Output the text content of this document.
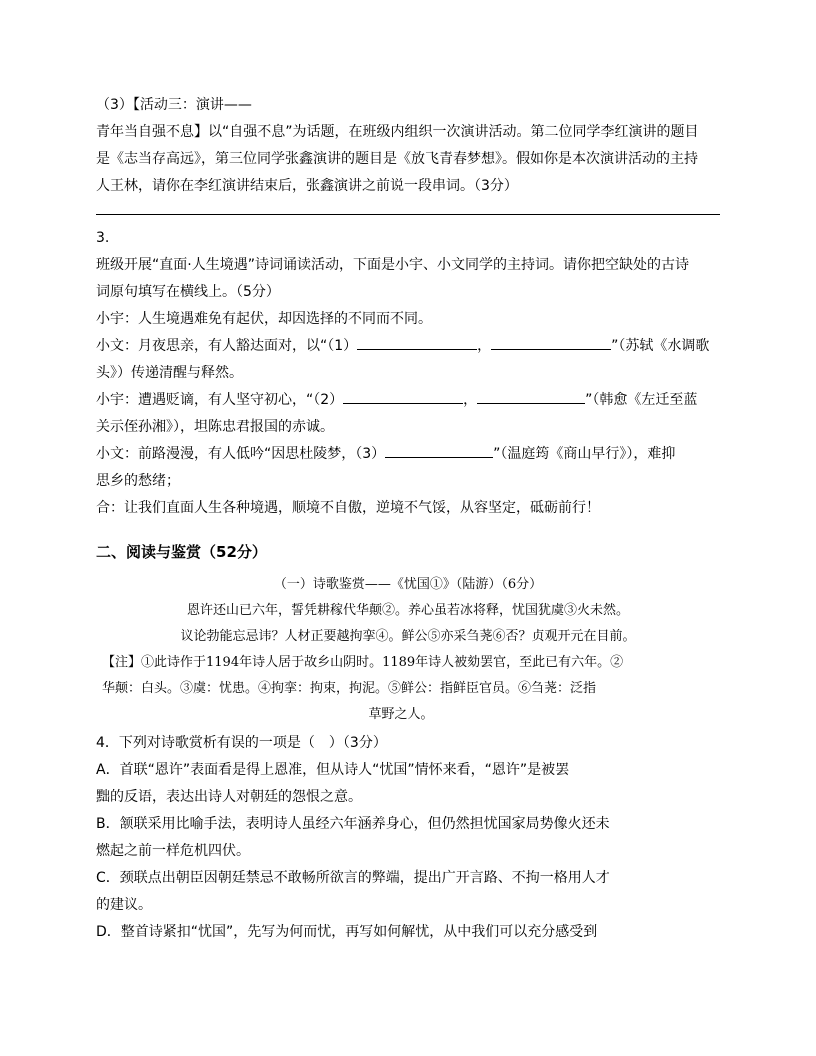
（3）【活动三：演讲——
青年当自强不息】以“自强不息”为话题，在班级内组织一次演讲活动。第二位同学李红演讲的题目
是《志当存高远》，第三位同学张鑫演讲的题目是《放飞青春梦想》。假如你是本次演讲活动的主持
人王林，请你在李红演讲结束后，张鑫演讲之前说一段串词。（3分）
3.
班级开展“直面·人生境遇”诗词诵读活动，下面是小宇、小文同学的主持词。请你把空缺处的古诗
词原句填写在横线上。（5分）
小宇：人生境遇难免有起伏，却因选择的不同而不同。
小文：月夜思亲，有人豁达面对，以“（1）	，	”（苏轼《水调歌
头》）传递清醒与释然。
小宇：遭遇贬谪，有人坚守初心，“（2）	，	”（韩愈《左迁至蓝
关示侄孙湘》），坦陈忠君报国的赤诚。
小文：前路漫漫，有人低吟“因思杜陵梦，（3）	”（温庭筠《商山早行》），难抑
思乡的愁绪；
合：让我们直面人生各种境遇，顺境不自傲，逆境不气馁，从容坚定，砥砺前行！
二、阅读与鉴赏（52分）
（一）诗歌鉴赏——《忧国①》（陆游）（6分）
恩许还山已六年，誓凭耕稼代华颠②。养心虽若冰将释，忧国犹虞③火未然。
议论勃能忘忌讳？人材正要越拘挛④。鲜公⑤亦采刍荛⑥否？贞观开元在目前。
【注】①此诗作于1194年诗人居于故乡山阴时。1189年诗人被劾罢官，至此已有六年。②
华颠：白头。③虞：忧患。④拘挛：拘束，拘泥。⑤鲜公：指鲜臣官员。⑥刍荛：泛指
草野之人。
4．下列对诗歌赏析有误的一项是（　）（3分）
A．首联“恩许”表面看是得上恩准，但从诗人“忧国”情怀来看，“恩许”是被罢
黜的反语，表达出诗人对朝廷的怨恨之意。
B．颔联采用比喻手法，表明诗人虽经六年涵养身心，但仍然担忧国家局势像火还未
燃起之前一样危机四伏。
C．颈联点出朝臣因朝廷禁忌不敢畅所欲言的弊端，提出广开言路、不拘一格用人才
的建议。
D．整首诗紧扣“忧国”，先写为何而忧，再写如何解忧，从中我们可以充分感受到
